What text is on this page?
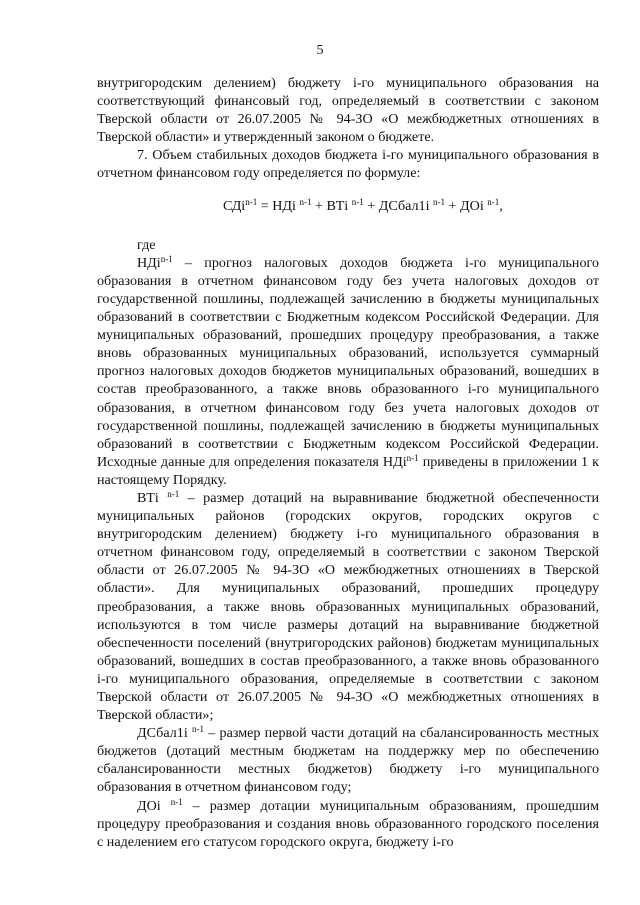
5

внутригородским делением) бюджету i-го муниципального образования на соответствующий финансовый год, определяемый в соответствии с законом Тверской области от 26.07.2005 № 94-ЗО «О межбюджетных отношениях в Тверской области» и утвержденный законом о бюджете.

7. Объем стабильных доходов бюджета i-го муниципального образования в отчетном финансовом году определяется по формуле:

СДi$^{n-1}$ = НДi $^{n-1}$ + ВТi $^{n-1}$ + ДСбал1i $^{n-1}$ + ДОi $^{n-1}$,

где

НДi$^{n-1}$ – прогноз налоговых доходов бюджета i-го муниципального образования в отчетном финансовом году без учета налоговых доходов от государственной пошлины, подлежащей зачислению в бюджеты муниципальных образований в соответствии с Бюджетным кодексом Российской Федерации. Для муниципальных образований, прошедших процедуру преобразования, а также вновь образованных муниципальных образований, используется суммарный прогноз налоговых доходов бюджетов муниципальных образований, вошедших в состав преобразованного, а также вновь образованного i-го муниципального образования, в отчетном финансовом году без учета налоговых доходов от государственной пошлины, подлежащей зачислению в бюджеты муниципальных образований в соответствии с Бюджетным кодексом Российской Федерации. Исходные данные для определения показателя НДi$^{n-1}$ приведены в приложении 1 к настоящему Порядку.

ВТi $^{n-1}$ – размер дотаций на выравнивание бюджетной обеспеченности муниципальных районов (городских округов, городских округов с внутригородским делением) бюджету i-го муниципального образования в отчетном финансовом году, определяемый в соответствии с законом Тверской области от 26.07.2005 № 94-ЗО «О межбюджетных отношениях в Тверской области». Для муниципальных образований, прошедших процедуру преобразования, а также вновь образованных муниципальных образований, используются в том числе размеры дотаций на выравнивание бюджетной обеспеченности поселений (внутригородских районов) бюджетам муниципальных образований, вошедших в состав преобразованного, а также вновь образованного i-го муниципального образования, определяемые в соответствии с законом Тверской области от 26.07.2005 № 94-ЗО «О межбюджетных отношениях в Тверской области»;

ДСбал1i $^{n-1}$ – размер первой части дотаций на сбалансированность местных бюджетов (дотаций местным бюджетам на поддержку мер по обеспечению сбалансированности местных бюджетов) бюджету i-го муниципального образования в отчетном финансовом году;

ДОi $^{n-1}$ – размер дотации муниципальным образованиям, прошедшим процедуру преобразования и создания вновь образованного городского поселения с наделением его статусом городского округа, бюджету i-го
